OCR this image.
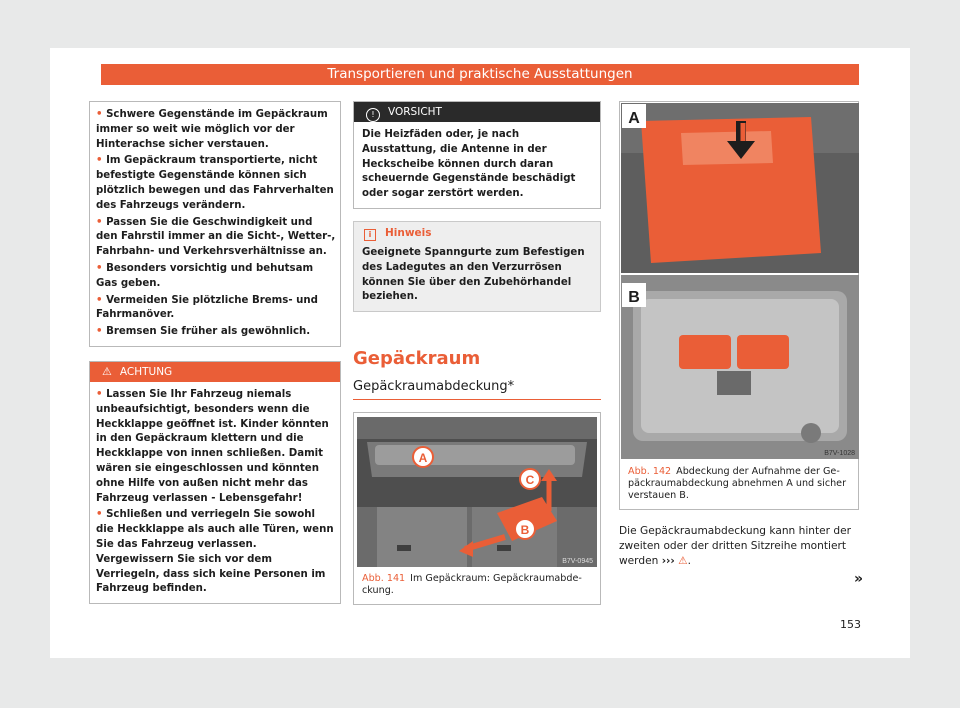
Transportieren und praktische Ausstattungen
• Schwere Gegenstände im Gepäckraum immer so weit wie möglich vor der Hinterachse sicher verstauen.
• Im Gepäckraum transportierte, nicht befestigte Gegenstände können sich plötzlich bewegen und das Fahrverhalten des Fahrzeugs verändern.
• Passen Sie die Geschwindigkeit und den Fahrstil immer an die Sicht-, Wetter-, Fahrbahn- und Verkehrsverhältnisse an.
• Besonders vorsichtig und behutsam Gas geben.
• Vermeiden Sie plötzliche Brems- und Fahrmanöver.
• Bremsen Sie früher als gewöhnlich.
⚠ ACHTUNG
• Lassen Sie Ihr Fahrzeug niemals unbeaufsichtigt, besonders wenn die Heckklappe geöffnet ist. Kinder könnten in den Gepäckraum klettern und die Heckklappe von innen schließen. Damit wären sie eingeschlossen und könnten ohne Hilfe von außen nicht mehr das Fahrzeug verlassen - Lebensgefahr!
• Schließen und verriegeln Sie sowohl die Heckklappe als auch alle Türen, wenn Sie das Fahrzeug verlassen. Vergewissern Sie sich vor dem Verriegeln, dass sich keine Personen im Fahrzeug befinden.
! VORSICHT
Die Heizfäden oder, je nach Ausstattung, die Antenne in der Heckscheibe können durch daran scheuernde Gegenstände beschädigt oder sogar zerstört werden.
i Hinweis
Geeignete Spanngurte zum Befestigen des Ladegutes an den Verzurrösen können Sie über den Zubehörhandel beziehen.
Gepäckraum
Gepäckraumabdeckung*
A
C
B
B7V-0945
Abb. 141 Im Gepäckraum: Gepäckraumabdeckung.
A
B
B7V-1028
Abb. 142 Abdeckung der Aufnahme der Gepäckraumabdeckung abnehmen A und sicher verstauen B.
Die Gepäckraumabdeckung kann hinter der zweiten oder der dritten Sitzreihe montiert werden ››› ⚠.
»
153
